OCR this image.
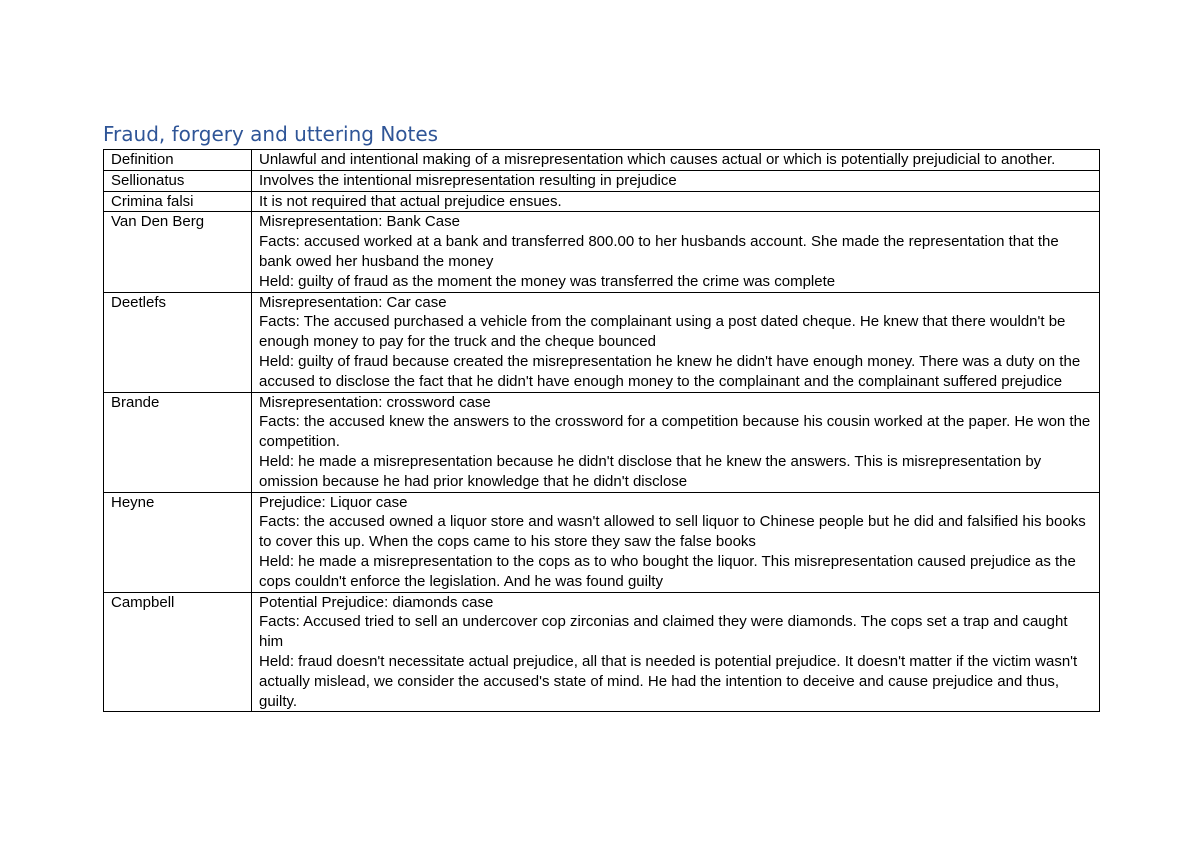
Fraud, forgery and uttering Notes
Definition	Unlawful and intentional making of a misrepresentation which causes actual or which is potentially prejudicial to another.

Sellionatus	Involves the intentional misrepresentation resulting in prejudice

Crimina falsi	It is not required that actual prejudice ensues.

Van Den Berg	Misrepresentation: Bank Case
Facts: accused worked at a bank and transferred 800.00 to her husbands account. She made the representation that the bank owed her husband the money
Held: guilty of fraud as the moment the money was transferred the crime was complete

Deetlefs	Misrepresentation: Car case
Facts: The accused purchased a vehicle from the complainant using a post dated cheque. He knew that there wouldn't be enough money to pay for the truck and the cheque bounced
Held: guilty of fraud because created the misrepresentation he knew he didn't have enough money. There was a duty on the accused to disclose the fact that he didn't have enough money to the complainant and the complainant suffered prejudice

Brande	Misrepresentation: crossword case
Facts: the accused knew the answers to the crossword for a competition because his cousin worked at the paper. He won the competition.
Held: he made a misrepresentation because he didn't disclose that he knew the answers. This is misrepresentation by omission because he had prior knowledge that he didn't disclose

Heyne	Prejudice: Liquor case
Facts: the accused owned a liquor store and wasn't allowed to sell liquor to Chinese people but he did and falsified his books to cover this up. When the cops came to his store they saw the false books
Held: he made a misrepresentation to the cops as to who bought the liquor. This misrepresentation caused prejudice as the cops couldn't enforce the legislation. And he was found guilty

Campbell	Potential Prejudice: diamonds case
Facts: Accused tried to sell an undercover cop zirconias and claimed they were diamonds. The cops set a trap and caught him
Held: fraud doesn't necessitate actual prejudice, all that is needed is potential prejudice. It doesn't matter if the victim wasn't actually mislead, we consider the accused's state of mind. He had the intention to deceive and cause prejudice and thus, guilty.
